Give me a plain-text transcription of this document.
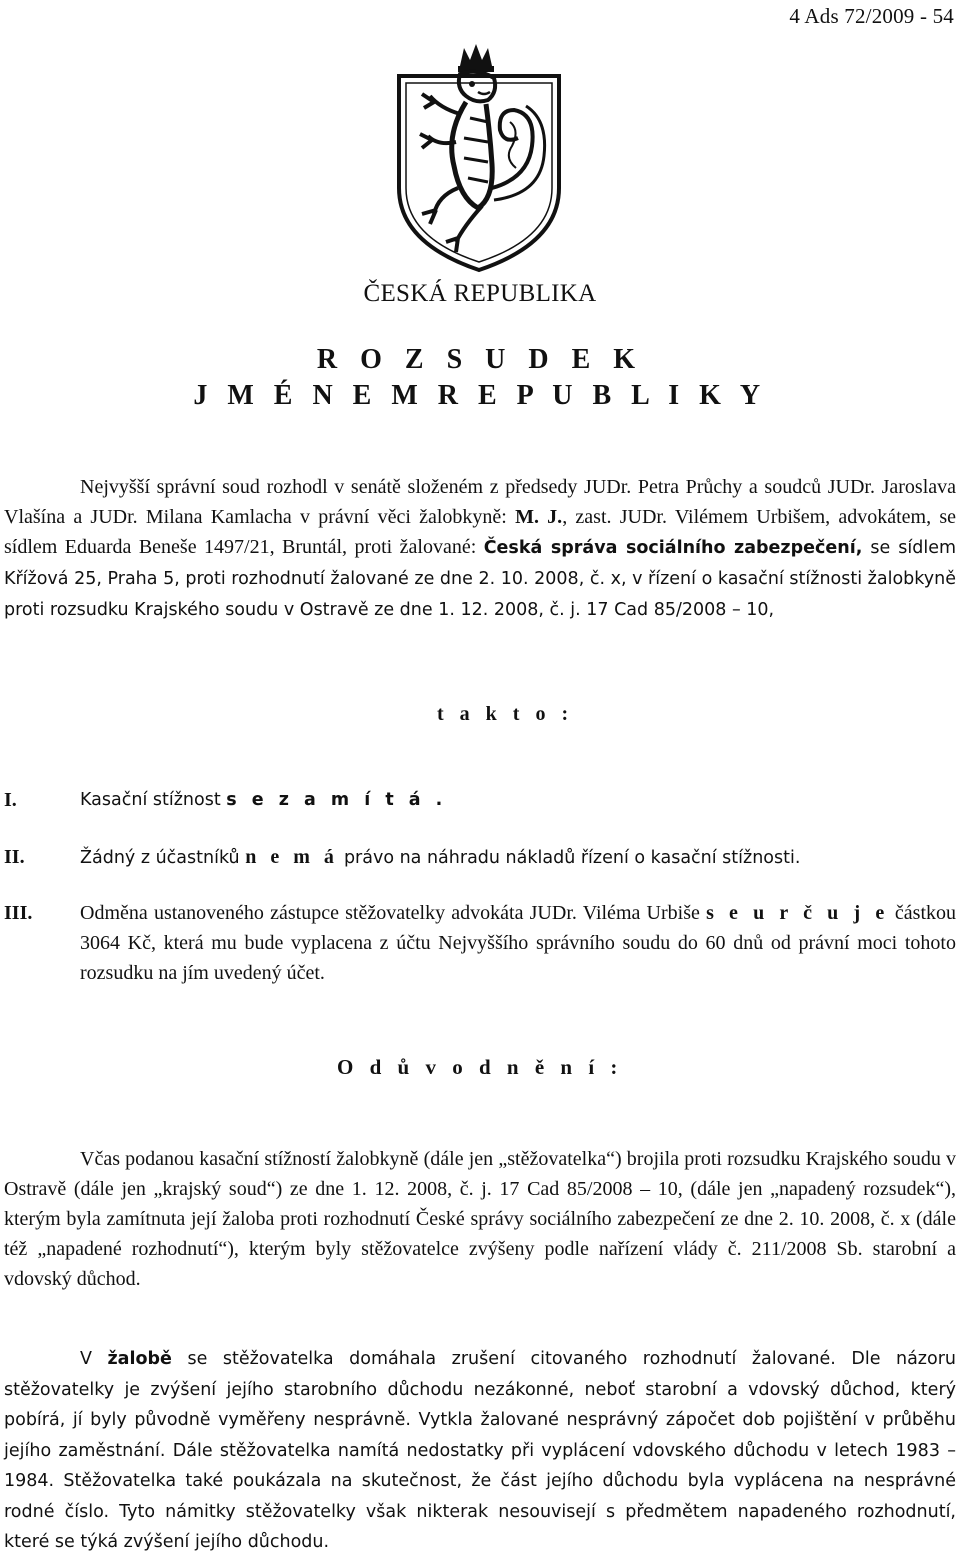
4 Ads 72/2009 - 54
ČESKÁ REPUBLIKA
R O Z S U D E K
J M É N E M R E P U B L I K Y

Nejvyšší správní soud rozhodl v senátě složeném z předsedy JUDr. Petra Průchy a soudců JUDr. Jaroslava Vlašína a JUDr. Milana Kamlacha v právní věci žalobkyně: M. J., zast. JUDr. Vilémem Urbišem, advokátem, se sídlem Eduarda Beneše 1497/21, Bruntál, proti žalované: Česká správa sociálního zabezpečení, se sídlem Křížová 25, Praha 5, proti rozhodnutí žalované ze dne 2. 10. 2008, č. x, v řízení o kasační stížnosti žalobkyně proti rozsudku Krajského soudu v Ostravě ze dne 1. 12. 2008, č. j. 17 Cad 85/2008 – 10,

t a k t o :
I.	Kasační stížnost s e z a m í t á .
II.	Žádný z účastníků n e m á právo na náhradu nákladů řízení o kasační stížnosti.
III. Odměna ustanoveného zástupce stěžovatelky advokáta JUDr. Viléma Urbiše s e u r č u j e částkou 3064 Kč, která mu bude vyplacena z účtu Nejvyššího správního soudu do 60 dnů od právní moci tohoto rozsudku na jím uvedený účet.
O d ů v o d n ě n í :

Včas podanou kasační stížností žalobkyně (dále jen „stěžovatelka“) brojila proti rozsudku Krajského soudu v Ostravě (dále jen „krajský soud“) ze dne 1. 12. 2008, č. j. 17 Cad 85/2008 – 10, (dále jen „napadený rozsudek“), kterým byla zamítnuta její žaloba proti rozhodnutí České správy sociálního zabezpečení ze dne 2. 10. 2008, č. x (dále též „napadené rozhodnutí“), kterým byly stěžovatelce zvýšeny podle nařízení vlády č. 211/2008 Sb. starobní a vdovský důchod.

V žalobě se stěžovatelka domáhala zrušení citovaného rozhodnutí žalované. Dle názoru stěžovatelky je zvýšení jejího starobního důchodu nezákonné, neboť starobní a vdovský důchod, který pobírá, jí byly původně vyměřeny nesprávně. Vytkla žalované nesprávný zápočet dob pojištění v průběhu jejího zaměstnání. Dále stěžovatelka namítá nedostatky při vyplácení vdovského důchodu v letech 1983 – 1984. Stěžovatelka také poukázala na skutečnost, že část jejího důchodu byla vyplácena na nesprávné rodné číslo. Tyto námitky stěžovatelky však nikterak nesouvisejí s předmětem napadeného rozhodnutí, které se týká zvýšení jejího důchodu.
